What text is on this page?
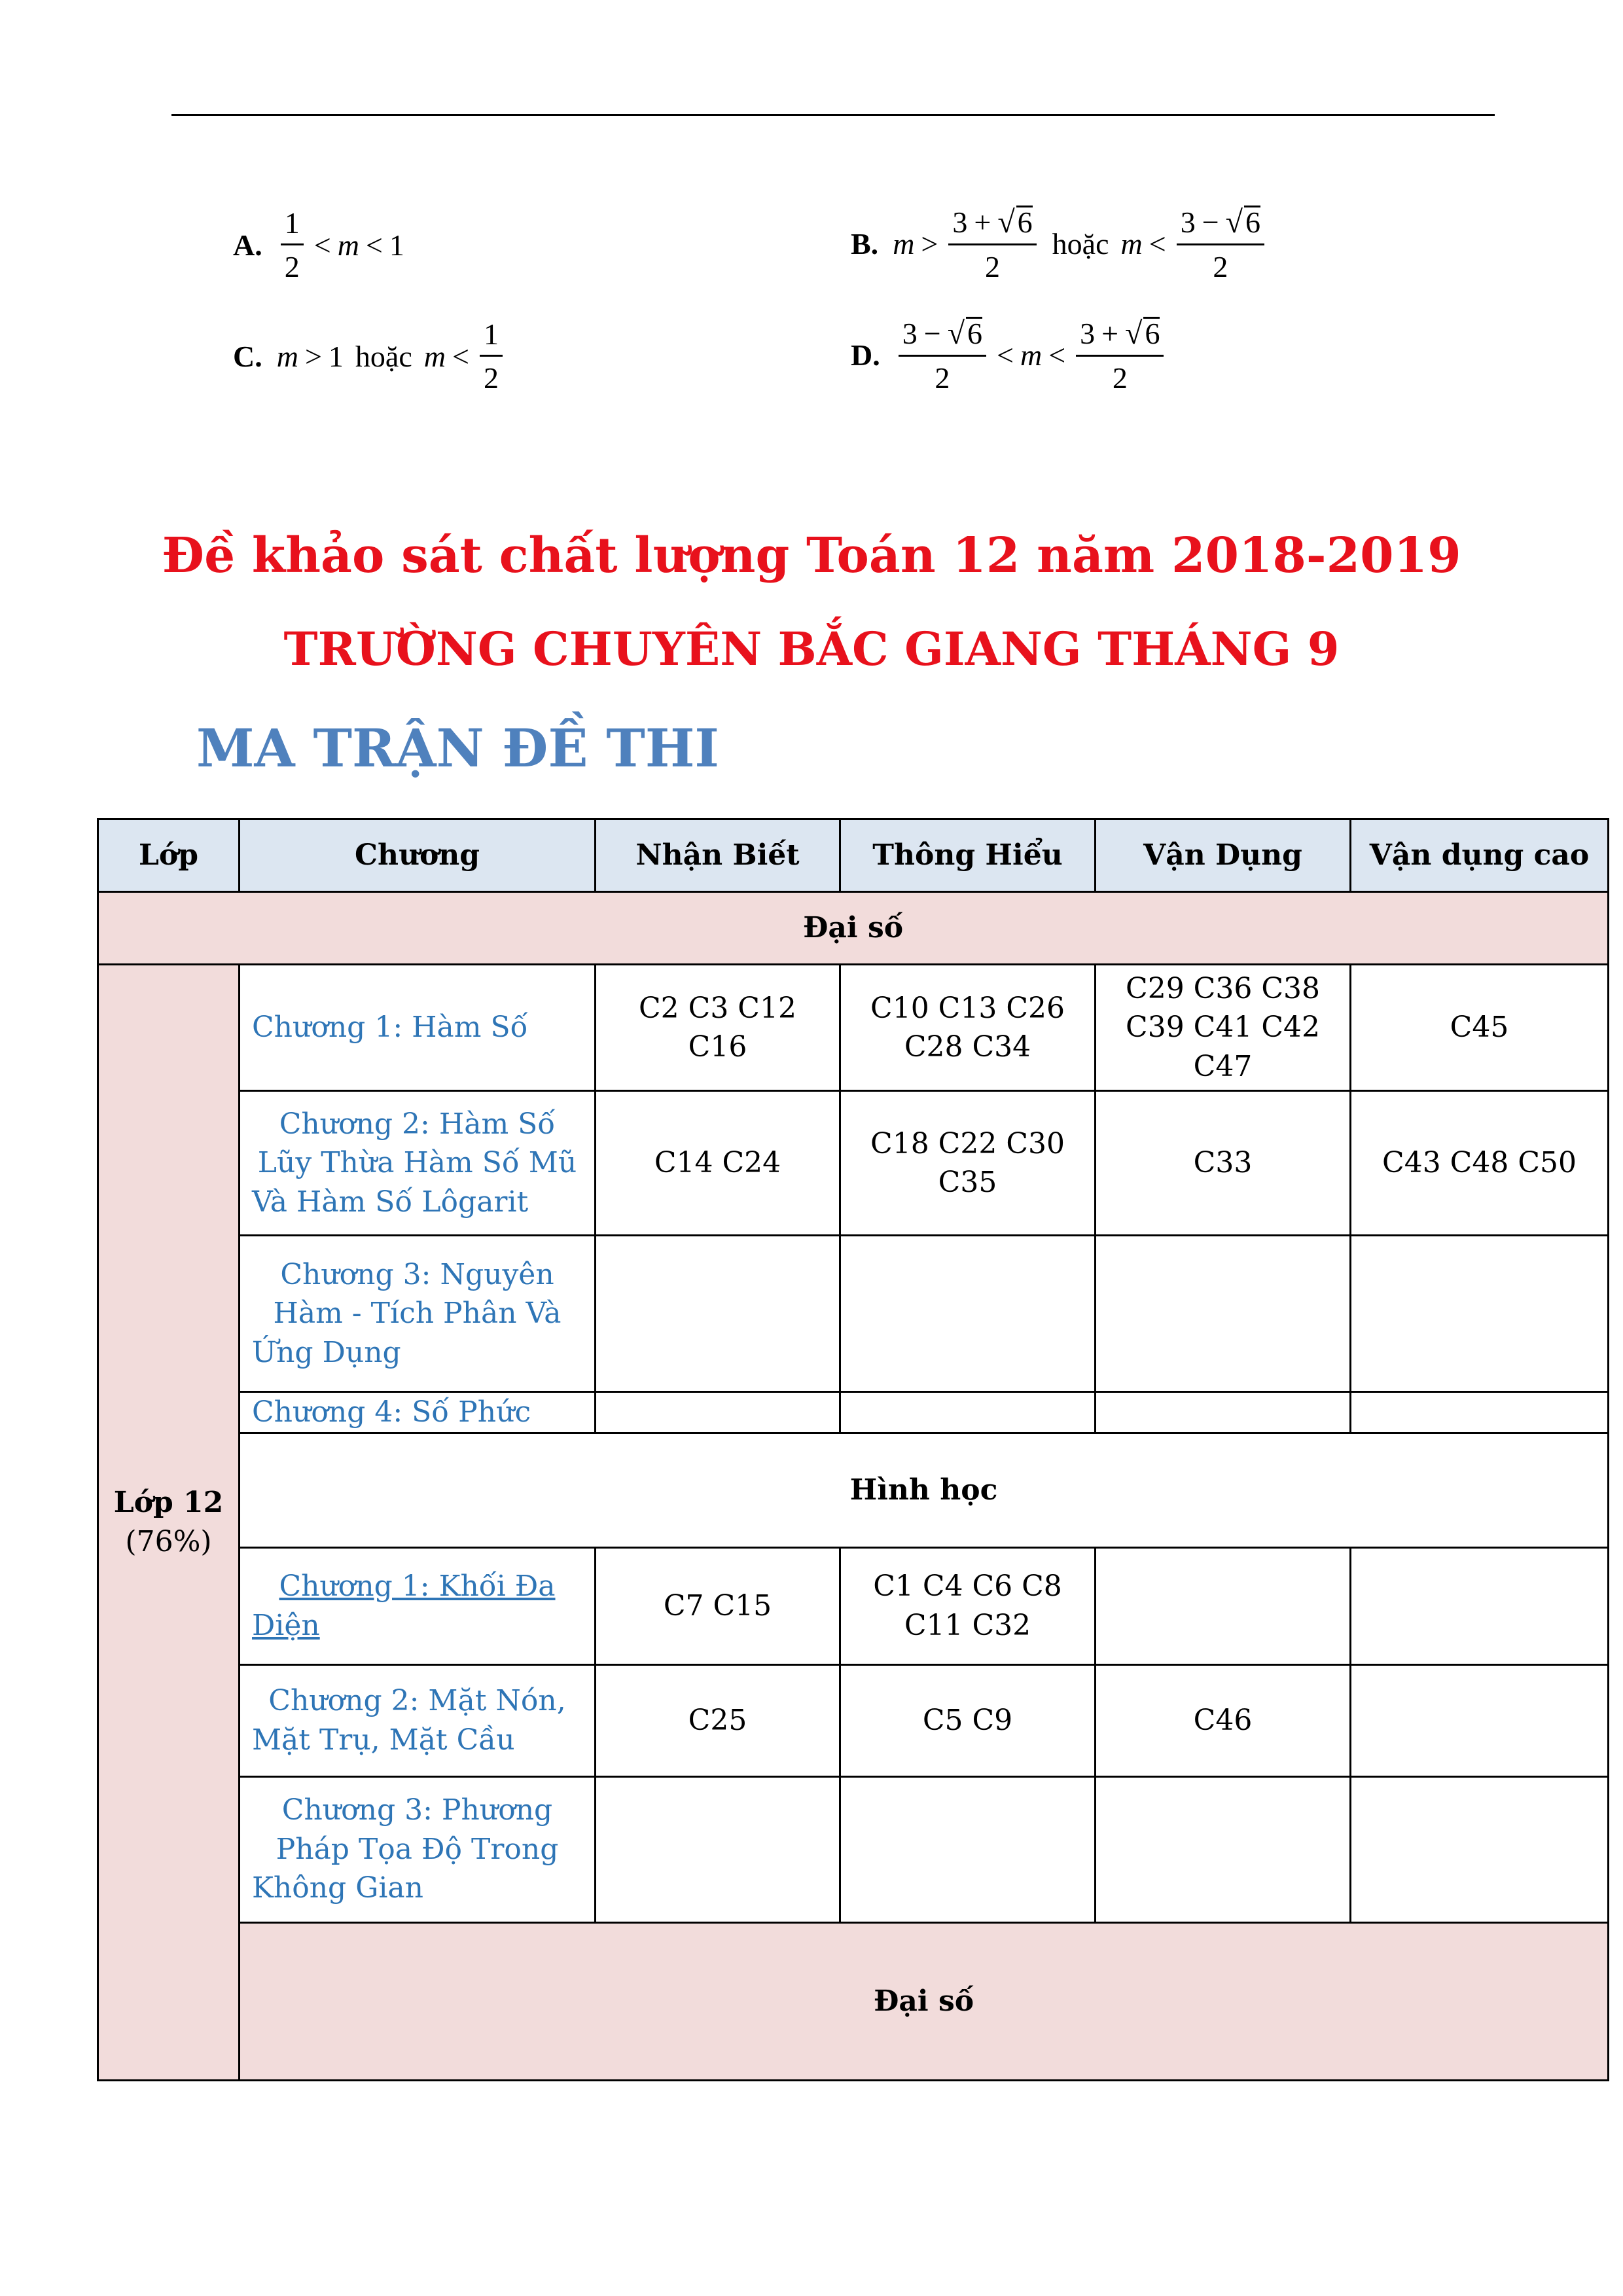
A. $\frac{1}{2} < m < 1$	B. $m > \frac{3 + √6}{2}$ hoặc $m < \frac{3 - √6}{2}$
C. m > 1 hoặc $m < \frac{1}{2}$	D. $\frac{3 - √6}{2} < m < \frac{3 + √6}{2}$
Đề khảo sát chất lượng Toán 12 năm 2018-2019
TRƯỜNG CHUYÊN BẮC GIANG THÁNG 9
MA TRẬN ĐỀ THI
Lớp	Chương	Nhận Biết	Thông Hiểu	Vận Dụng	Vận dụng cao
Đại số					

Lớp 12
(76%)	Chương 1: Hàm Số	C2 C3 C12 C16	C10 C13 C26 C28 C34	C29 C36 C38 C39 C41 C42 C47	C45
	Chương 2: Hàm Số Lũy Thừa Hàm Số Mũ Và Hàm Số Lôgarit	C14 C24	C18 C22 C30 C35	C33	C43 C48 C50
	Chương 3: Nguyên Hàm - Tích Phân Và Ứng Dụng				
	Chương 4: Số Phức				
	Hình học				
	Chương 1: Khối Đa Diện	C7 C15	C1 C4 C6 C8 C11 C32		
	Chương 2: Mặt Nón, Mặt Trụ, Mặt Cầu	C25	C5 C9	C46	
	Chương 3: Phương Pháp Tọa Độ Trong Không Gian				
	Đại số				
